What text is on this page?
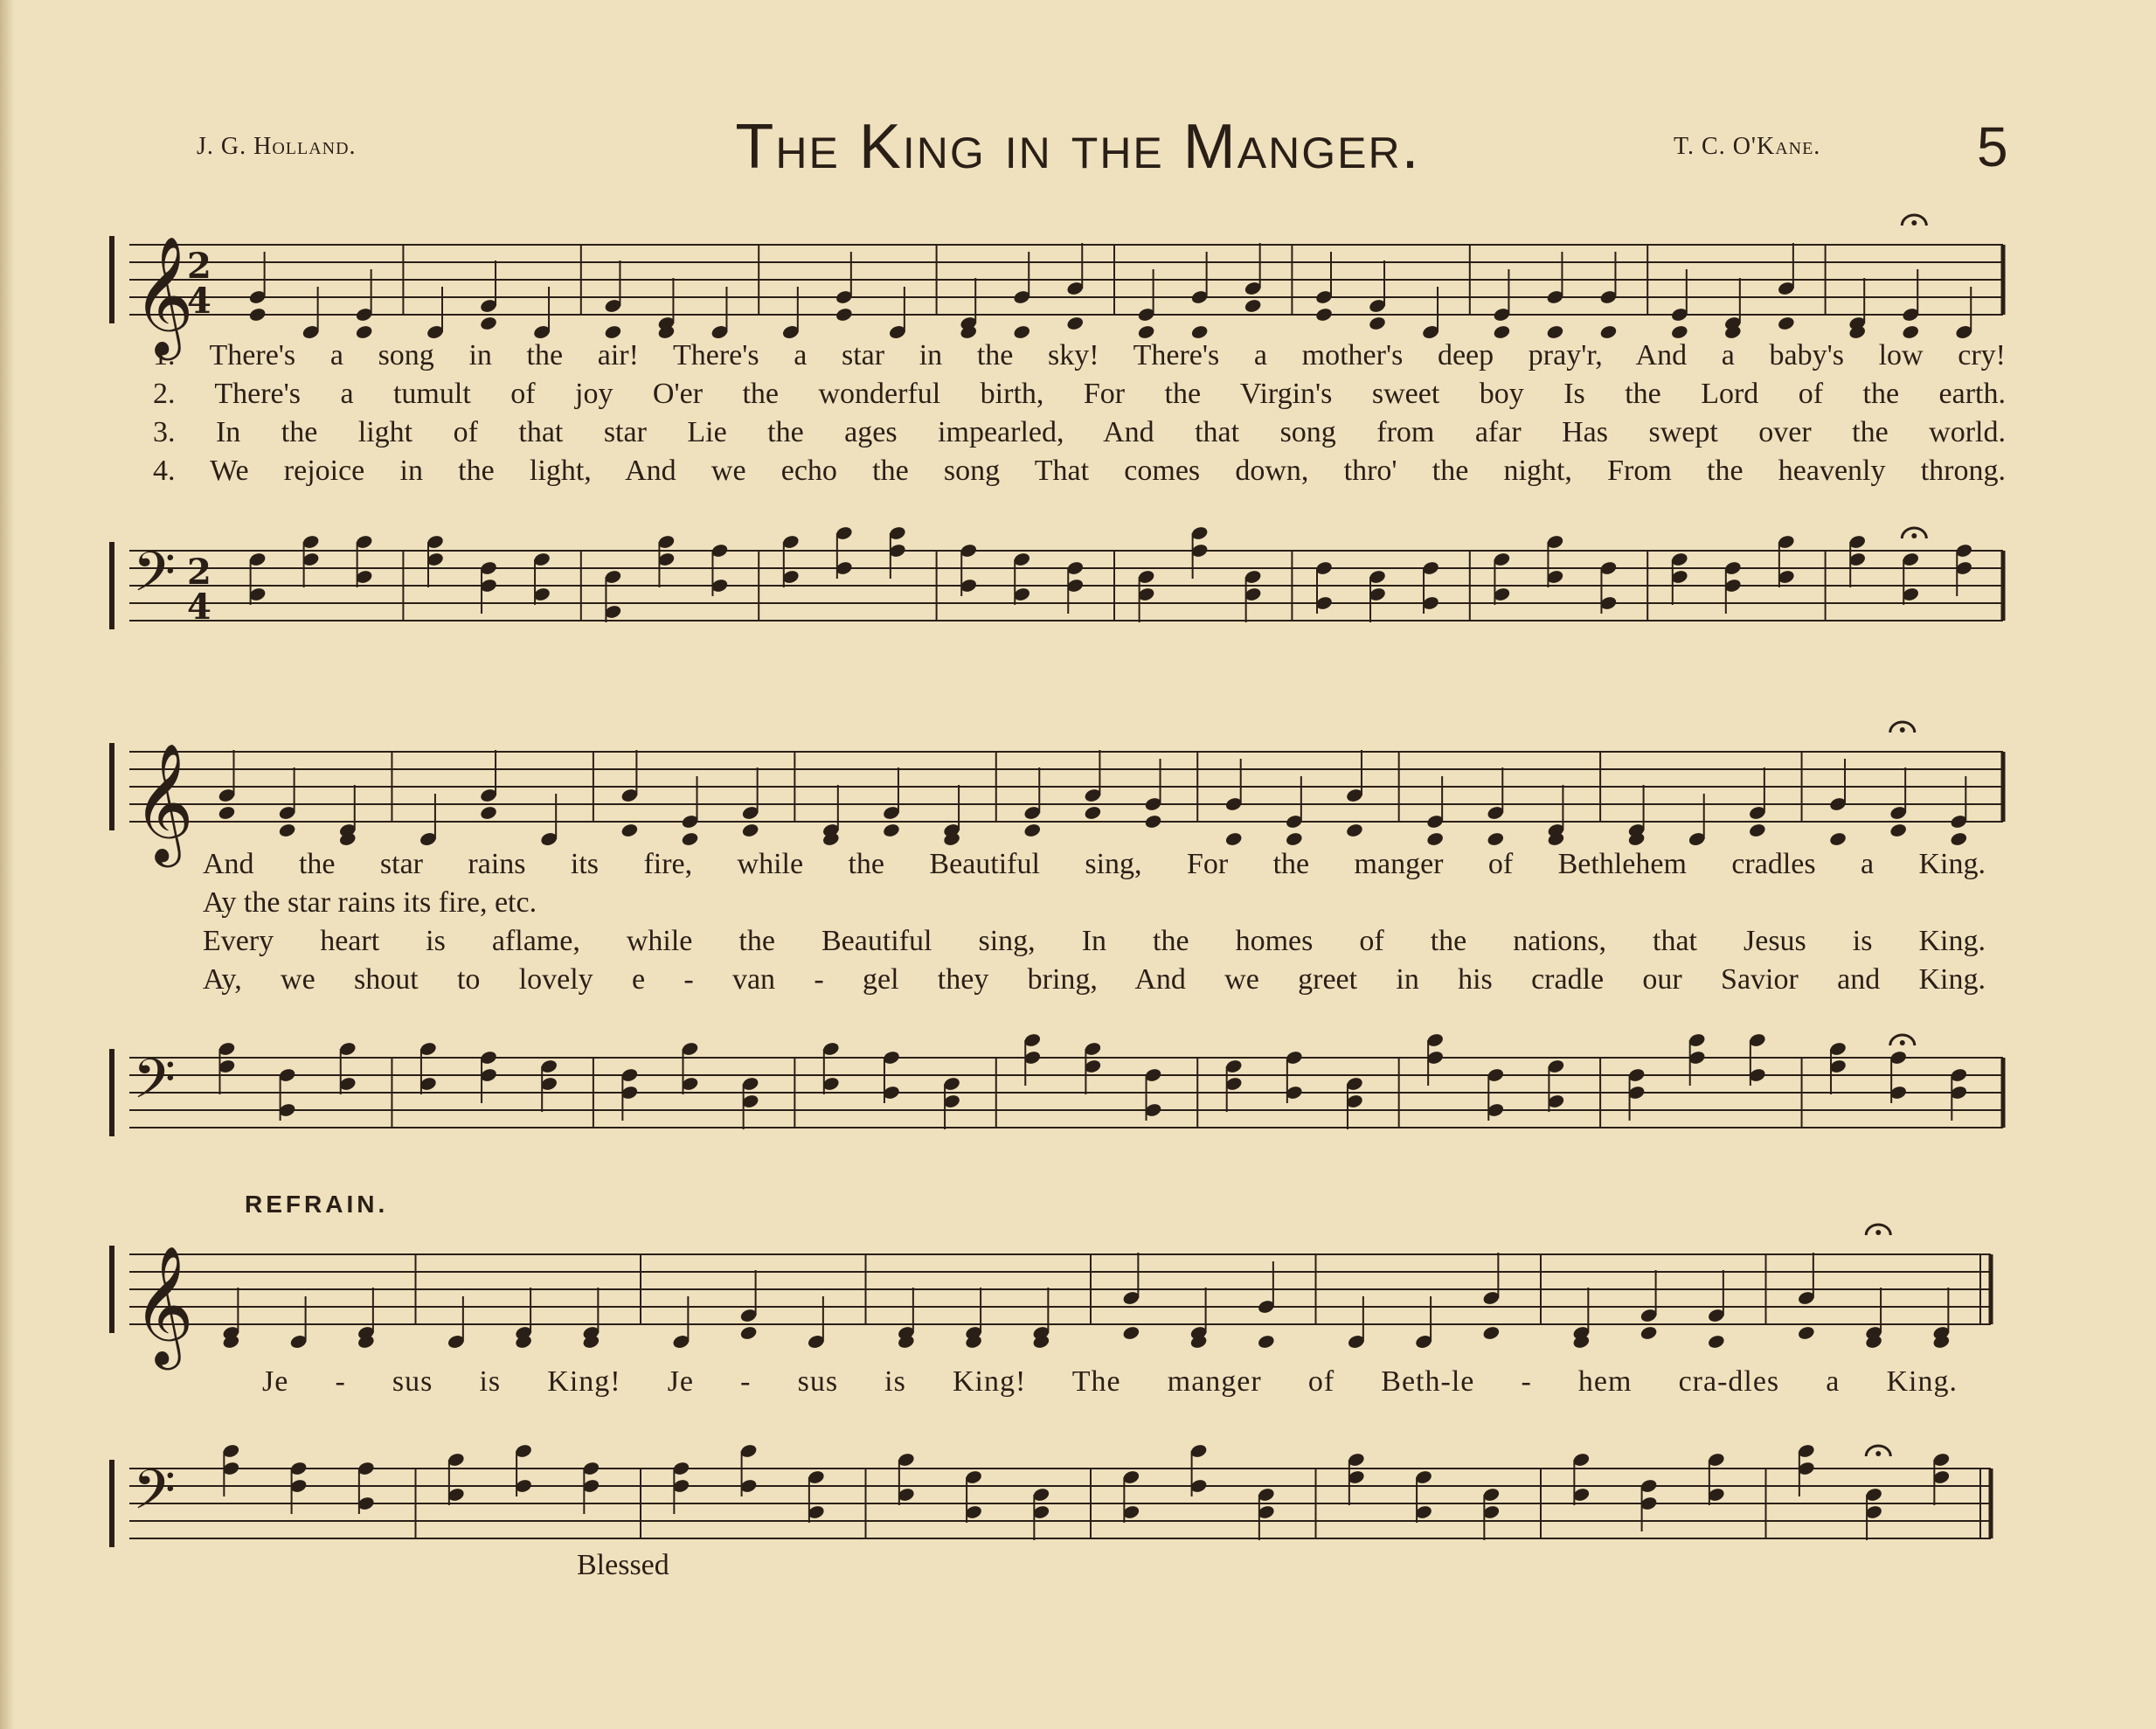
J. G. Holland.	The King in the Manger.	T. C. O'Kane.	5
𝄞
2
4
1. There's a song in the air! There's a star in the sky! There's a mother's deep pray'r, And a baby's low cry!
2. There's a tumult of joy O'er the wonderful birth, For the Virgin's sweet boy Is the Lord of the earth.
3. In the light of that star Lie the ages impearled, And that song from afar Has swept over the world.
4. We rejoice in the light, And we echo the song That comes down, thro' the night, From the heavenly throng.
𝄢 2
4
𝄞
And the star rains its fire, while the Beautiful sing, For the manger of Bethlehem cradles a King.
Ay the star rains its fire, etc.
Every heart is aflame, while the Beautiful sing, In the homes of the nations, that Jesus is King.
Ay, we shout to lovely e - van - gel they bring, And we greet in his cradle our Savior and King.
𝄢
REFRAIN.
𝄞
Je - sus is King! Je - sus is King! The manger of Beth-le - hem cra-dles a King.
𝄢
Blessed
